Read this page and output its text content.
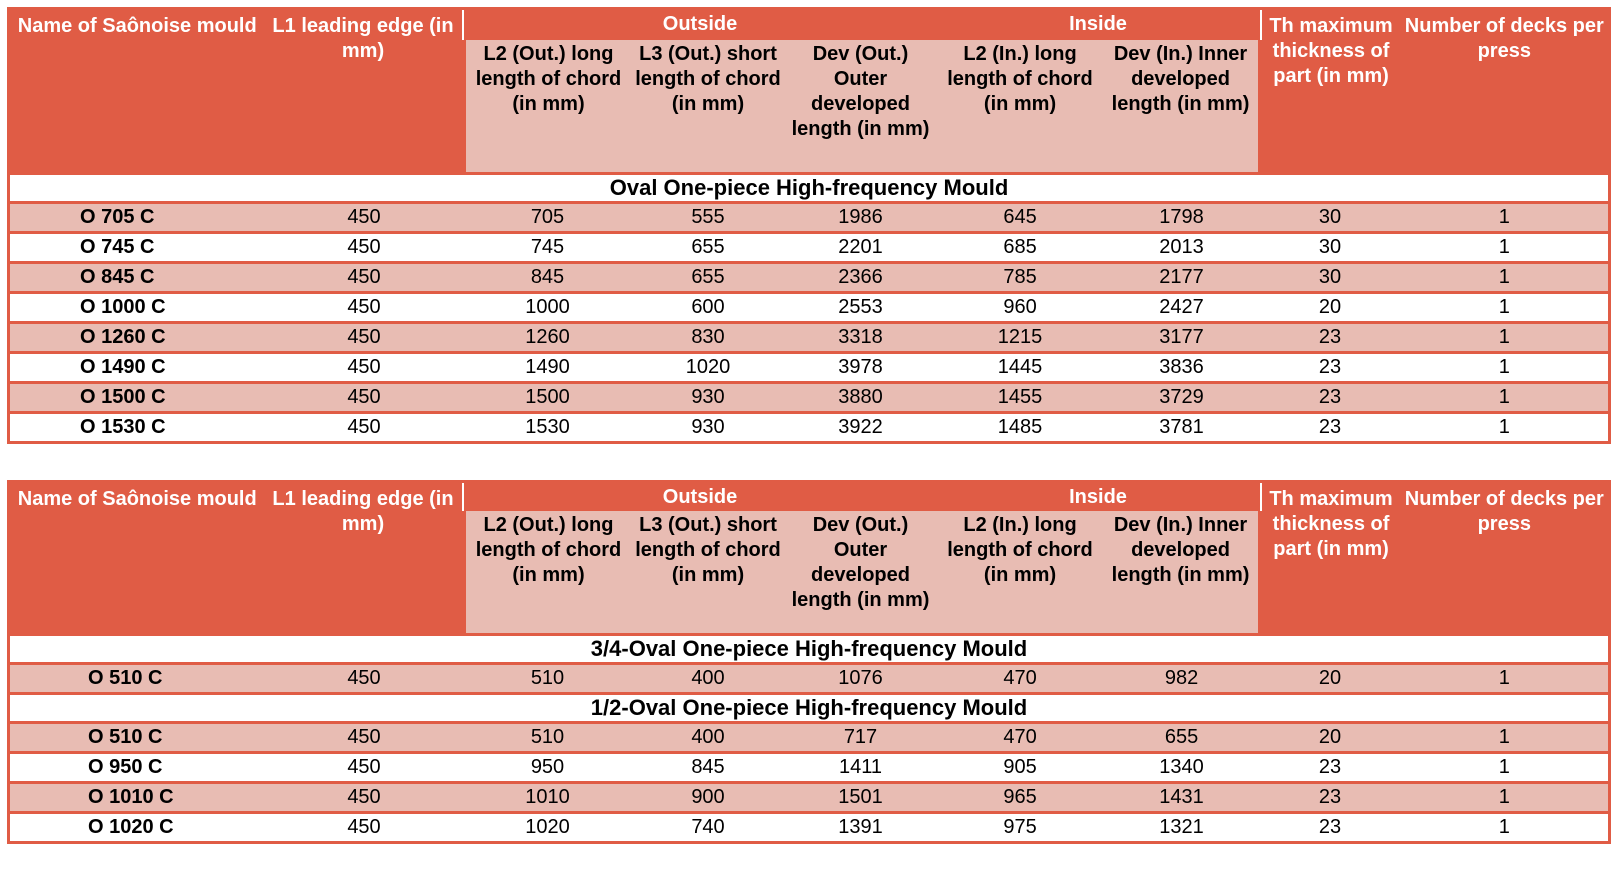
Name of Saônoise mould	L1 leading edge (in mm)	Outside			Inside		Th maximum thickness of part (in mm)	Number of decks per press
		L2 (Out.) long length of chord (in mm)	L3 (Out.) short length of chord (in mm)	Dev (Out.) Outer developed length (in mm)	L2 (In.) long length of chord (in mm)	Dev (In.) Inner developed length (in mm)		
Oval One-piece High-frequency Mould								
O 705 C	450	705	555	1986	645	1798	30	1
O 745 C	450	745	655	2201	685	2013	30	1
O 845 C	450	845	655	2366	785	2177	30	1
O 1000 C	450	1000	600	2553	960	2427	20	1
O 1260 C	450	1260	830	3318	1215	3177	23	1
O 1490 C	450	1490	1020	3978	1445	3836	23	1
O 1500 C	450	1500	930	3880	1455	3729	23	1
O 1530 C	450	1530	930	3922	1485	3781	23	1
Name of Saônoise mould	L1 leading edge (in mm)	Outside			Inside		Th maximum thickness of part (in mm)	Number of decks per press
		L2 (Out.) long length of chord (in mm)	L3 (Out.) short length of chord (in mm)	Dev (Out.) Outer developed length (in mm)	L2 (In.) long length of chord (in mm)	Dev (In.) Inner developed length (in mm)		
3/4-Oval One-piece High-frequency Mould								
O 510 C	450	510	400	1076	470	982	20	1
1/2-Oval One-piece High-frequency Mould								
O 510 C	450	510	400	717	470	655	20	1
O 950 C	450	950	845	1411	905	1340	23	1
O 1010 C	450	1010	900	1501	965	1431	23	1
O 1020 C	450	1020	740	1391	975	1321	23	1
